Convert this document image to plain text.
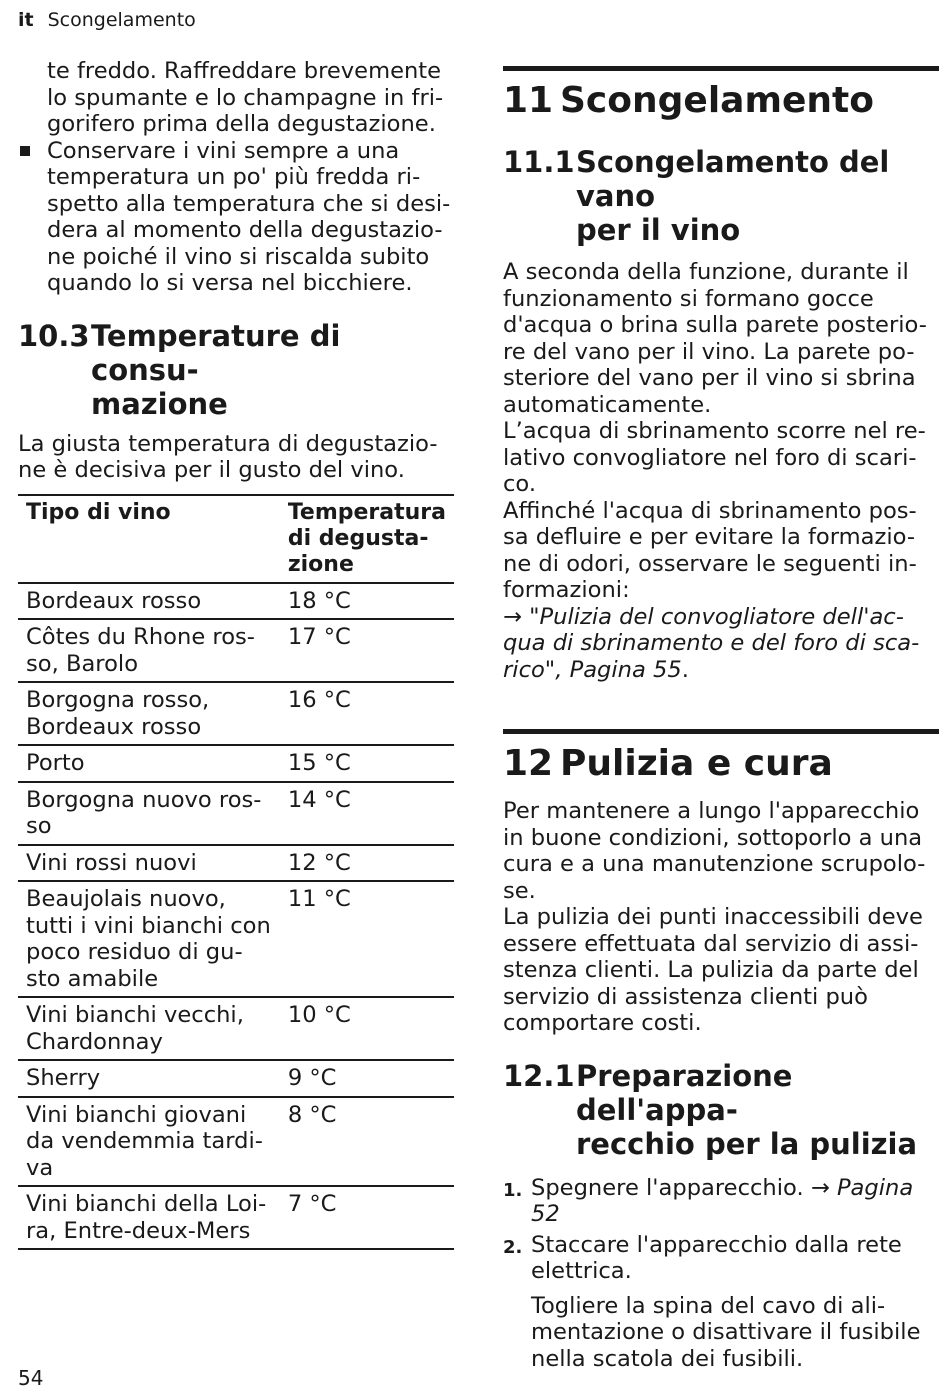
it Scongelamento

te freddo. Raffreddare brevemente
lo spumante e lo champagne in fri-
gorifero prima della degustazione.

Conservare i vini sempre a una
temperatura un po' più fredda ri-
spetto alla temperatura che si desi-
dera al momento della degustazio-
ne poiché il vino si riscalda subito
quando lo si versa nel bicchiere.
10.3 Temperature di consu-
mazione

La giusta temperatura di degustazio-
ne è decisiva per il gusto del vino.

Tipo di vino	Temperatura
di degusta-
zione
Bordeaux rosso	18 °C
Côtes du Rhone ros-
so, Barolo	17 °C
Borgogna rosso,
Bordeaux rosso	16 °C
Porto	15 °C
Borgogna nuovo ros-
so	14 °C
Vini rossi nuovi	12 °C
Beaujolais nuovo,
tutti i vini bianchi con
poco residuo di gu-
sto amabile	11 °C
Vini bianchi vecchi,
Chardonnay	10 °C
Sherry	9 °C
Vini bianchi giovani
da vendemmia tardi-
va	8 °C
Vini bianchi della Loi-
ra, Entre-deux-Mers	7 °C
11 Scongelamento
11.1 Scongelamento del vano
per il vino

A seconda della funzione, durante il
funzionamento si formano gocce
d'acqua o brina sulla parete posterio-
re del vano per il vino. La parete po-
steriore del vano per il vino si sbrina
automaticamente.

L’acqua di sbrinamento scorre nel re-
lativo convogliatore nel foro di scari-
co.

Affinché l'acqua di sbrinamento pos-
sa defluire e per evitare la formazio-
ne di odori, osservare le seguenti in-
formazioni:

→ "Pulizia del convogliatore dell'ac-
qua di sbrinamento e del foro di sca-
rico", Pagina 55.

12 Pulizia e cura

Per mantenere a lungo l'apparecchio
in buone condizioni, sottoporlo a una
cura e a una manutenzione scrupolo-
se.

La pulizia dei punti inaccessibili deve
essere effettuata dal servizio di assi-
stenza clienti. La pulizia da parte del
servizio di assistenza clienti può
comportare costi.

12.1 Preparazione dell'appa-
recchio per la pulizia
1. Spegnere l'apparecchio. → Pagina
52
2. Staccare l'apparecchio dalla rete
elettrica.

Togliere la spina del cavo di ali-
mentazione o disattivare il fusibile
nella scatola dei fusibili.

54
